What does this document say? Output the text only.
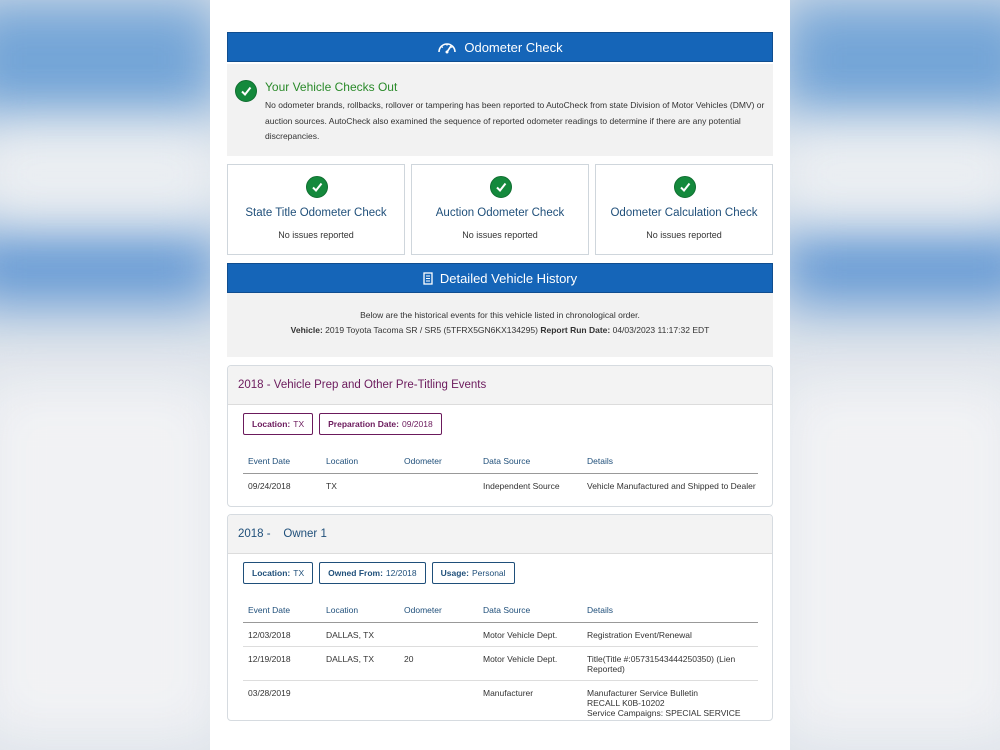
Odometer Check
Your Vehicle Checks Out
No odometer brands, rollbacks, rollover or tampering has been reported to AutoCheck from state Division of Motor Vehicles (DMV) or auction sources. AutoCheck also examined the sequence of reported odometer readings to determine if there are any potential discrepancies.
State Title Odometer Check
No issues reported
Auction Odometer Check
No issues reported
Odometer Calculation Check
No issues reported
Detailed Vehicle History
Below are the historical events for this vehicle listed in chronological order.
Vehicle: 2019 Toyota Tacoma SR / SR5 (5TFRX5GN6KX134295) Report Run Date: 04/03/2023 11:17:32 EDT
2018 - Vehicle Prep and Other Pre-Titling Events
Location: TX	Preparation Date: 09/2018
Event Date	Location	Odometer	Data Source	Details
09/24/2018	TX		Independent Source	Vehicle Manufactured and Shipped to Dealer
2018 -    Owner 1
Location: TX	Owned From: 12/2018	Usage: Personal
Event Date	Location	Odometer	Data Source	Details
12/03/2018	DALLAS, TX		Motor Vehicle Dept.	Registration Event/Renewal

12/19/2018	DALLAS, TX	20	Motor Vehicle Dept.	Title(Title #:05731543444250350) (Lien
Reported)

03/28/2019			Manufacturer	Manufacturer Service Bulletin
RECALL K0B-10202
Service Campaigns: SPECIAL SERVICE
